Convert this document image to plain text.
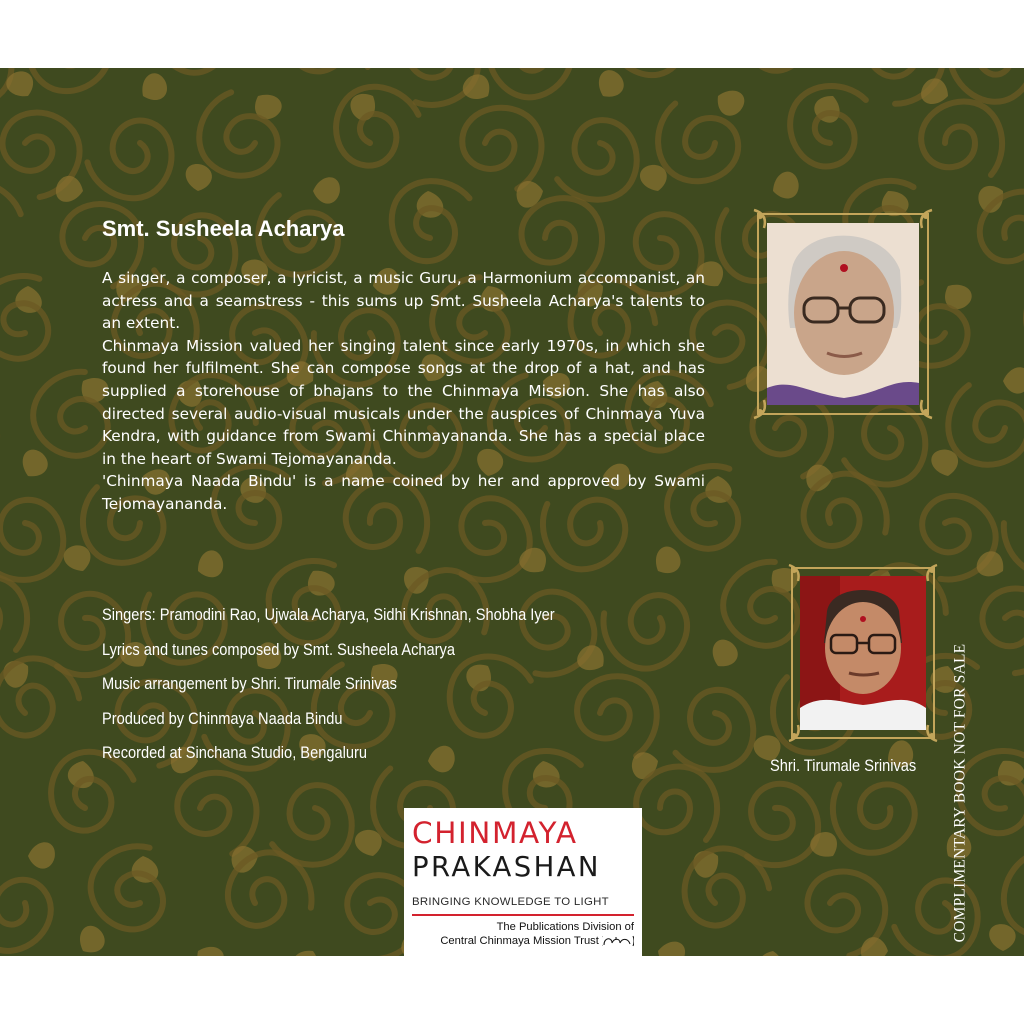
Smt. Susheela Acharya

A singer, a composer, a lyricist, a music Guru, a Harmonium accompanist, an actress and a seamstress - this sums up Smt. Susheela Acharya's talents to an extent.

Chinmaya Mission valued her singing talent since early 1970s, in which she found her fulfilment. She can compose songs at the drop of a hat, and has supplied a storehouse of bhajans to the Chinmaya Mission. She has also directed several audio-visual musicals under the auspices of Chinmaya Yuva Kendra, with guidance from Swami Chinmayananda. She has a special place in the heart of Swami Tejomayananda.

'Chinmaya Naada Bindu' is a name coined by her and approved by Swami Tejomayananda.

Singers: Pramodini Rao, Ujwala Acharya, Sidhi Krishnan, Shobha Iyer
Lyrics and tunes composed by Smt. Susheela Acharya
Music arrangement by Shri. Tirumale Srinivas
Produced by Chinmaya Naada Bindu
Recorded at Sinchana Studio, Bengaluru
Shri. Tirumale Srinivas COMPLIMENTARY BOOK NOT FOR SALE
CHINMAYA
PRAKASHAN
BRINGING KNOWLEDGE TO LIGHT
The Publications Division of
Central Chinmaya Mission Trust
